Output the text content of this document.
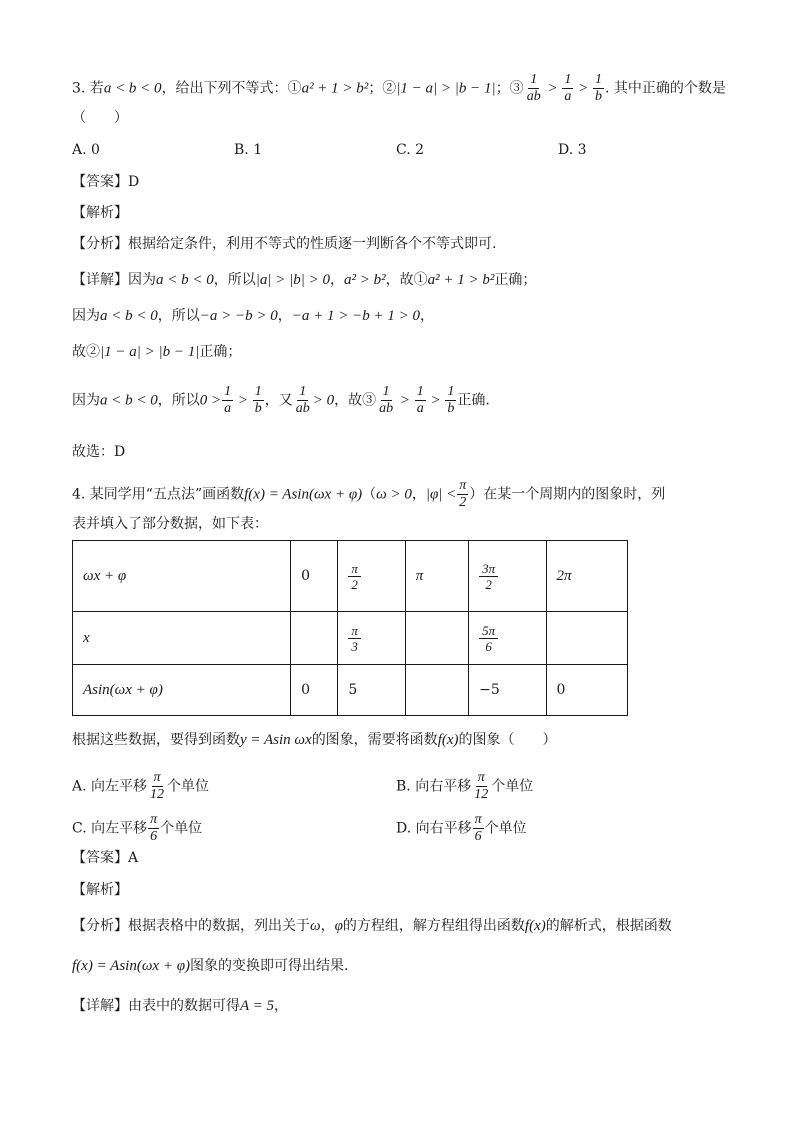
3. 若a < b < 0，给出下列不等式：①a² + 1 > b²；②|1 − a| > |b − 1|；③ $\frac{1}{ab} > \frac{1}{a} > \frac{1}{b}$ . 其中正确的个数是
（　　）
A. 0	B. 1	C. 2	D. 3
【答案】D
【解析】
【分析】根据给定条件，利用不等式的性质逐一判断各个不等式即可.
【详解】因为a < b < 0，所以|a| > |b| > 0，a² > b²，故①a² + 1 > b²正确；
因为a < b < 0，所以−a > −b > 0，−a + 1 > −b + 1 > 0，
故②|1 − a| > |b − 1|正确；
因为a < b < 0，所以$0 > \frac{1}{a} > \frac{1}{b}$ ，又 $\frac{1}{ab} > 0$，故③ $\frac{1}{ab} > \frac{1}{a} > \frac{1}{b}$ 正确.
故选：D
4. 某同学用“五点法”画函数f(x) = Asin(ωx + φ)（ω > 0，$|\varphi| < \frac{\pi}{2}$ ）在某一个周期内的图象时，列
表并填入了部分数据，如下表：
ωx + φ	0	$\frac{\pi}{2}$	π	$\frac{3\pi}{2}$	2π
x		$\frac{\pi}{3}$		$\frac{5\pi}{6}$

Asin(ωx + φ)	0	5		−5	0
根据这些数据，要得到函数y = Asin ωx的图象，需要将函数f(x)的图象（　　）
A. 向左平移 $\frac{\pi}{12}$ 个单位	B. 向右平移 $\frac{\pi}{12}$ 个单位
C. 向左平移 $\frac{\pi}{6}$ 个单位	D. 向右平移 $\frac{\pi}{6}$ 个单位
【答案】A
【解析】
【分析】根据表格中的数据，列出关于ω，φ的方程组，解方程组得出函数f(x)的解析式，根据函数
f(x) = Asin(ωx + φ)图象的变换即可得出结果.
【详解】由表中的数据可得A = 5，
